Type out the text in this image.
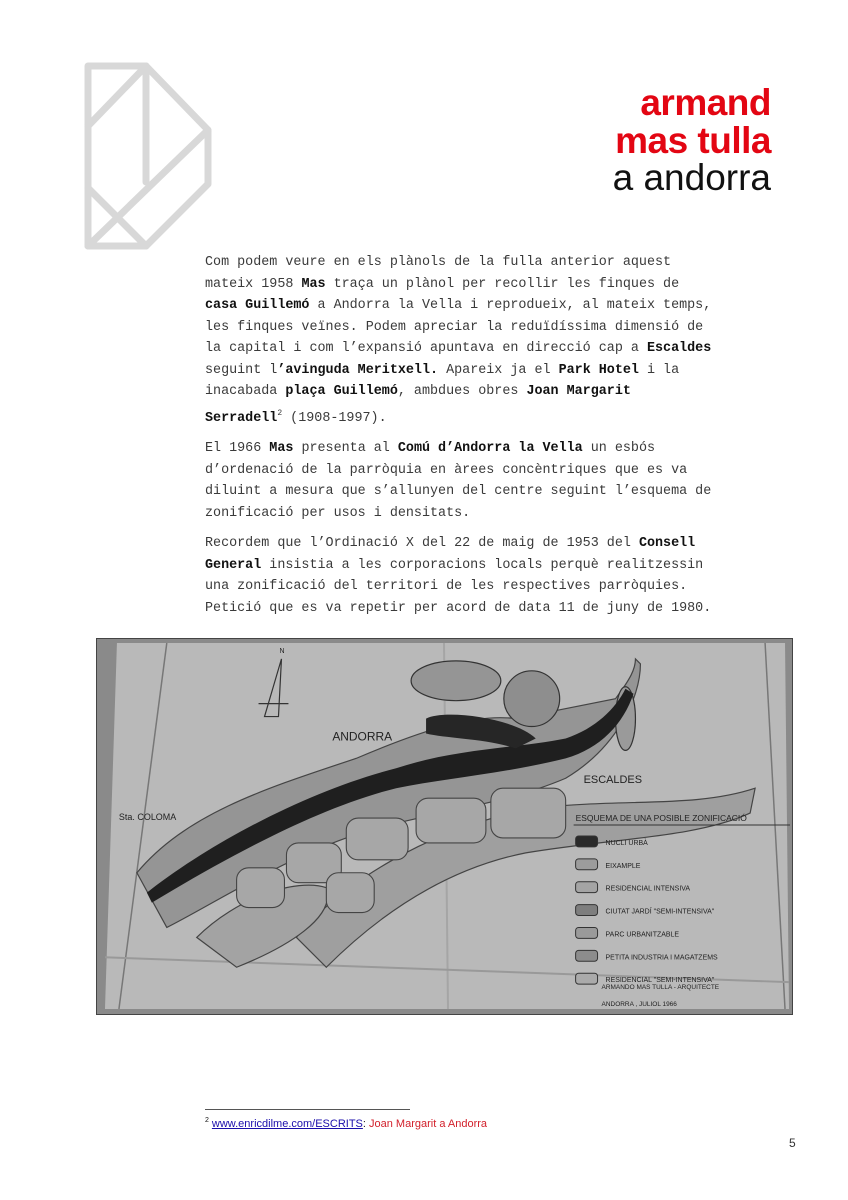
armand
mas tulla
a andorra
Com podem veure en els plànols de la fulla anterior aquest
mateix 1958 Mas traça un plànol per recollir les finques de
casa Guillemó a Andorra la Vella i reprodueix, al mateix temps,
les finques veïnes. Podem apreciar la reduïdíssima dimensió de
la capital i com l’expansió apuntava en direcció cap a Escaldes
seguint l’avinguda Meritxell. Apareix ja el Park Hotel i la
inacabada plaça Guillemó, ambdues obres Joan Margarit
Serradell$^2$ (1908-1997).
El 1966 Mas presenta al Comú d’Andorra la Vella un esbós
d’ordenació de la parròquia en àrees concèntriques que es va
diluint a mesura que s’allunyen del centre seguint l’esquema de
zonificació per usos i densitats.
Recordem que l’Ordinació X del 22 de maig de 1953 del Consell
General insistia a les corporacions locals perquè realitzessin
una zonificació del territori de les respectives parròquies.
Petició que es va repetir per acord de data 11 de juny de 1980.
N
ANDORRA
ESCALDES
Sta. COLOMA	ESQUEMA DE UNA POSIBLE ZONIFICACIÓ
NUCLI URBÀ
EIXAMPLE
RESIDENCIAL INTENSIVA
CIUTAT JARDÍ "SEMI-INTENSIVA"
PARC URBANITZABLE
PETITA INDUSTRIA I MAGATZEMS
RESIDENCIAL "SEMI-INTENSIVA"
ARMANDO MAS TULLA - ARQUITECTE
ANDORRA , JULIOL 1966
$^2$ www.enricdilme.com/ESCRITS: Joan Margarit a Andorra
5
